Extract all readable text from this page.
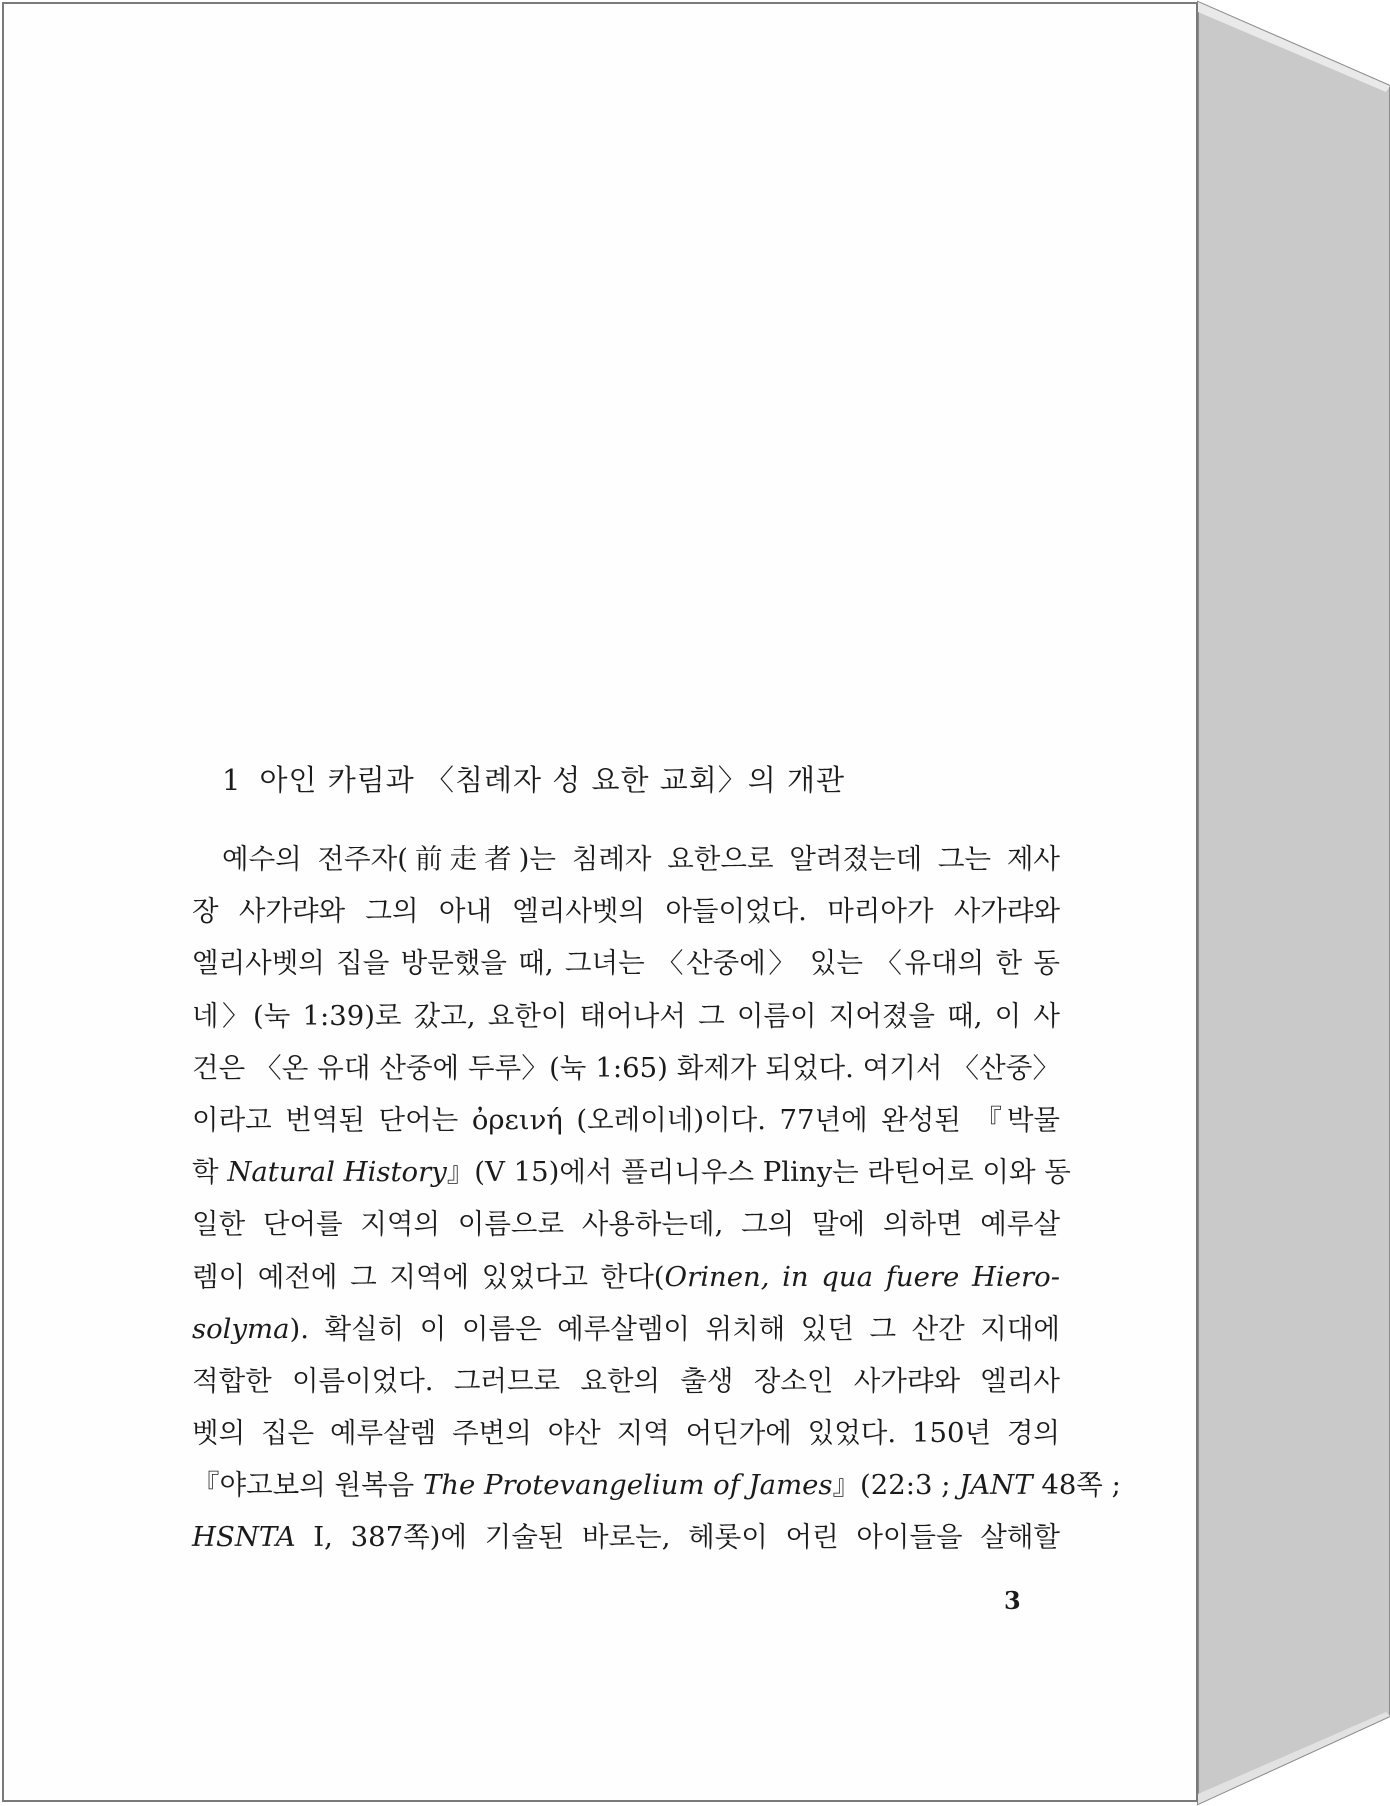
1 아인 카림과 〈침례자 성 요한 교회〉의 개관
예수의 전주자(前走者)는 침례자 요한으로 알려졌는데 그는 제사
장 사가랴와 그의 아내 엘리사벳의 아들이었다. 마리아가 사가랴와
엘리사벳의 집을 방문했을 때, 그녀는 〈산중에〉 있는 〈유대의 한 동
네〉(눅 1:39)로 갔고, 요한이 태어나서 그 이름이 지어졌을 때, 이 사
건은 〈온 유대 산중에 두루〉(눅 1:65) 화제가 되었다. 여기서 〈산중〉
이라고 번역된 단어는 ὀρεινή (오레이네)이다. 77년에 완성된 『박물
학 Natural History』(V 15)에서 플리니우스 Pliny는 라틴어로 이와 동
일한 단어를 지역의 이름으로 사용하는데, 그의 말에 의하면 예루살
렘이 예전에 그 지역에 있었다고 한다(Orinen, in qua fuere Hiero-
solyma). 확실히 이 이름은 예루살렘이 위치해 있던 그 산간 지대에
적합한 이름이었다. 그러므로 요한의 출생 장소인 사가랴와 엘리사
벳의 집은 예루살렘 주변의 야산 지역 어딘가에 있었다. 150년 경의
『야고보의 원복음 The Protevangelium of James』(22:3 ; JANT 48쪽 ;
HSNTA I, 387쪽)에 기술된 바로는, 헤롯이 어린 아이들을 살해할
3
